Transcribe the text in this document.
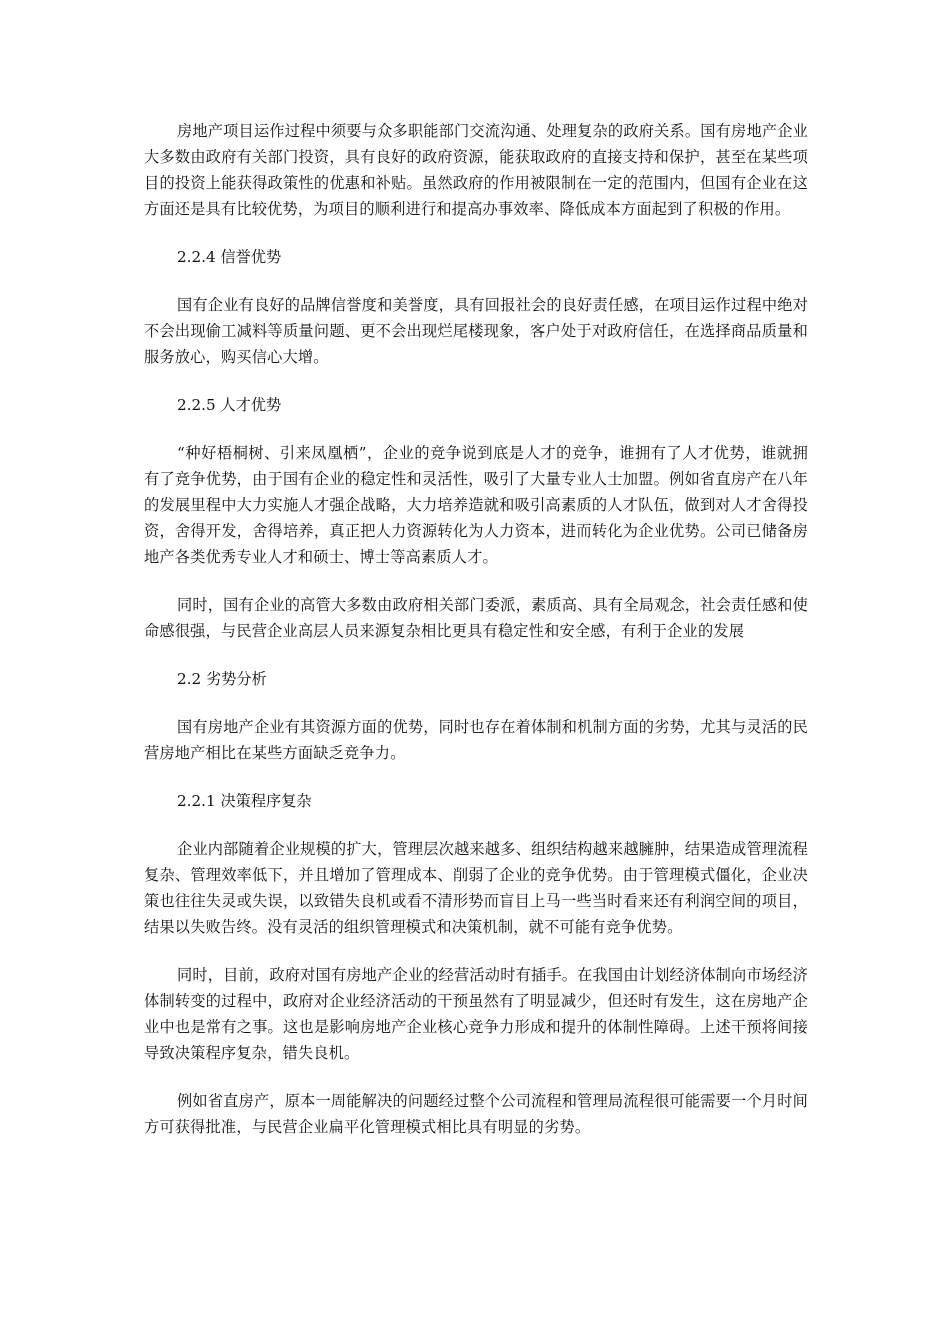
房地产项目运作过程中须要与众多职能部门交流沟通、处理复杂的政府关系。国有房地产企业大多数由政府有关部门投资，具有良好的政府资源，能获取政府的直接支持和保护，甚至在某些项目的投资上能获得政策性的优惠和补贴。虽然政府的作用被限制在一定的范围内，但国有企业在这方面还是具有比较优势，为项目的顺利进行和提高办事效率、降低成本方面起到了积极的作用。

2.2.4 信誉优势

国有企业有良好的品牌信誉度和美誉度，具有回报社会的良好责任感，在项目运作过程中绝对不会出现偷工减料等质量问题、更不会出现烂尾楼现象，客户处于对政府信任，在选择商品质量和服务放心，购买信心大增。

2.2.5 人才优势

“种好梧桐树、引来凤凰栖”，企业的竞争说到底是人才的竞争，谁拥有了人才优势，谁就拥有了竞争优势，由于国有企业的稳定性和灵活性，吸引了大量专业人士加盟。例如省直房产在八年的发展里程中大力实施人才强企战略，大力培养造就和吸引高素质的人才队伍，做到对人才舍得投资，舍得开发，舍得培养，真正把人力资源转化为人力资本，进而转化为企业优势。公司已储备房地产各类优秀专业人才和硕士、博士等高素质人才。

同时，国有企业的高管大多数由政府相关部门委派，素质高、具有全局观念，社会责任感和使命感很强，与民营企业高层人员来源复杂相比更具有稳定性和安全感，有利于企业的发展

2.2 劣势分析

国有房地产企业有其资源方面的优势，同时也存在着体制和机制方面的劣势，尤其与灵活的民营房地产相比在某些方面缺乏竞争力。

2.2.1 决策程序复杂

企业内部随着企业规模的扩大，管理层次越来越多、组织结构越来越臃肿，结果造成管理流程复杂、管理效率低下，并且增加了管理成本、削弱了企业的竞争优势。由于管理模式僵化，企业决策也往往失灵或失误，以致错失良机或看不清形势而盲目上马一些当时看来还有利润空间的项目，结果以失败告终。没有灵活的组织管理模式和决策机制，就不可能有竞争优势。

同时，目前，政府对国有房地产企业的经营活动时有插手。在我国由计划经济体制向市场经济体制转变的过程中，政府对企业经济活动的干预虽然有了明显减少，但还时有发生，这在房地产企业中也是常有之事。这也是影响房地产企业核心竞争力形成和提升的体制性障碍。上述干预将间接导致决策程序复杂，错失良机。

例如省直房产，原本一周能解决的问题经过整个公司流程和管理局流程很可能需要一个月时间方可获得批准，与民营企业扁平化管理模式相比具有明显的劣势。
